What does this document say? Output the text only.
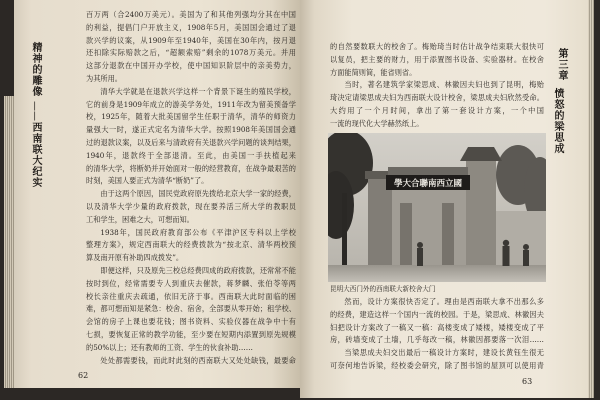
精神的雕像
——
西南联大纪实
百万两（合2400万美元）。美国为了和其他列强均分其在中国
的利益，提倡门户开放主义，1908年5月，美国国会通过了退
款兴学的议案，从1909年至1940年，美国在30年内，按月退
还扣除实际赔款之后，“超额索赔”剩余的1078万美元。并用
这部分退款在中国开办学校，使中国知识阶层中的亲美势力，
为其所用。
清华大学就是在退款兴学这样一个背景下诞生的殖民学校，
它的前身是1909年成立的游美学务处，1911年改为留美预备学
校，1925年，随着大批美国留学生任职于清华，清华的师资力
量强大一时，遂正式定名为清华大学。按照1908年美国国会通
过的退款议案，以及后来与清政府有关退款兴学问题的谈判结果，
1940年，退款终于全部退清。至此，由美国一手扶植起来
的清华大学，将断奶并开始面对一般的经营教育，在战争最艰苦的
时刻，美国人要正式为清华“断奶”了。
由于这两个原因，国民党政府原先拨给北京大学一家的经费，
以及清华大学少量的政府拨款，现在要养活三所大学的教职员
工和学生，困难之大，可想而知。
1938年，国民政府教育部公布《平津沪区专科以上学校
整理方案》，规定西南联大的经费拨款为“按北京、清华两校预
算及南开原有补助四成拨发”。
即便这样，只及原先三校总经费四成的政府拨款，还常常不能
按时到位，经常需要专人到重庆去催款，蒋梦麟、张伯苓等两
校长亲往重庆去疏通，依旧无济于事。西南联大此时面临的困
难，都可想而知是紧急：校舍、宿舍，全部要从零开始；租学校、
会馆的房子上课也要花钱；图书资料、实验仪器在战争中十有
七损，要恢复正常的教学功能，至少要在短期内添置到原先规模
的50%以上；还有教师的工资、学生的伙食补助……
处处都需要钱，而此时此刻的西南联大又处处缺钱，最要命
62
的自然要数联大的校舍了。梅贻琦当时估计战争结束联大很快可
以复员，把主要的财力，用于添置图书设备、实验器材。在校舍
方面能简则简，能省则省。
当时，著名建筑学家梁思成、林徽因夫妇也到了昆明，梅贻
琦决定请梁思成夫妇为西南联大设计校舍，梁思成夫妇欣然受命。
大约用了一个月时间，拿出了第一套设计方案，一个中国
一流的现代化大学赫然纸上。
學大合聯南西立國
昆明大西门外的西南联大新校舍大门
然而，设计方案很快否定了。理由是西南联大拿不出那么多
的经费，建造这样一个国内一流的校园。于是，梁思成、林徽因夫
妇把设计方案改了一稿又一稿：高楼变成了矮楼，矮楼变成了平
房，砖墙变成了土墙，几乎每改一稿，林徽因都要落一次泪……
当梁思成夫妇交出最后一稿设计方案时，建设长黄钰生很无
可奈何地告诉梁，经校委会研究，除了图书馆的屋顶可以使用青
第三章
愤怒的梁思成
63
